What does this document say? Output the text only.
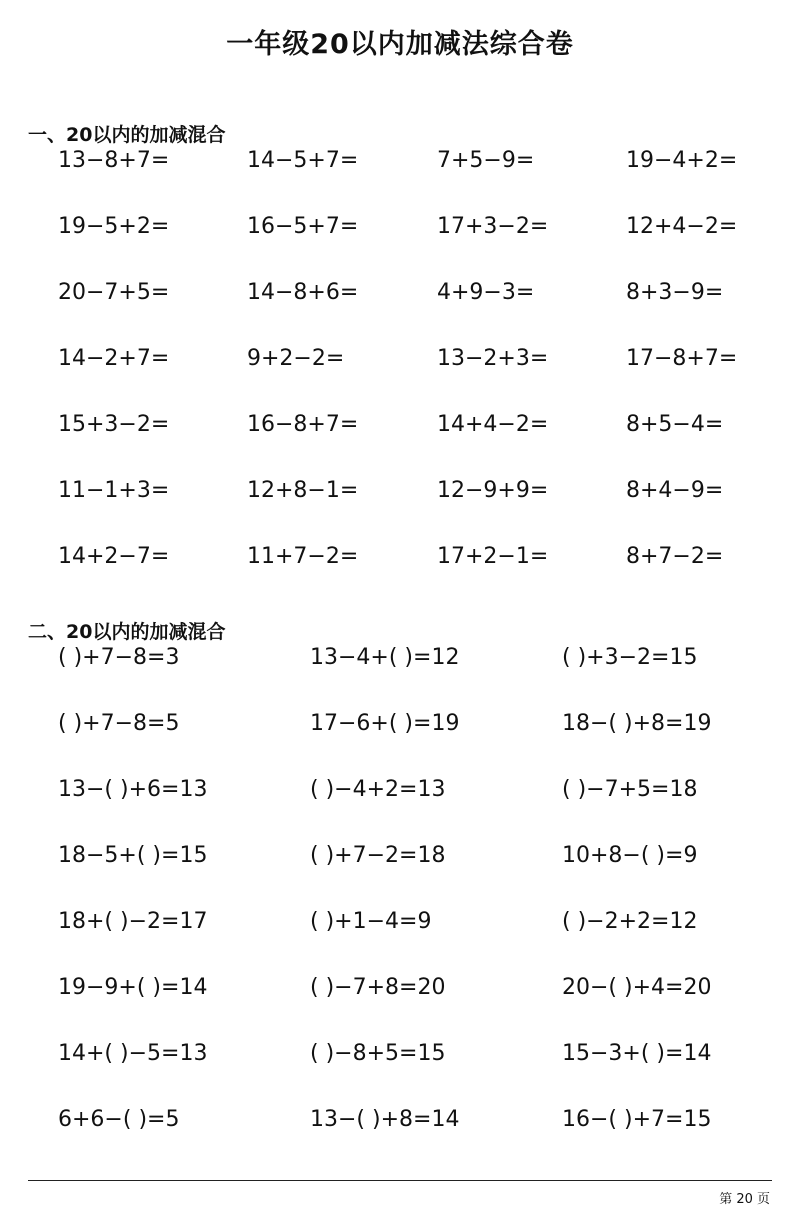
一年级20以内加减法综合卷
一、20以内的加减混合
13−8+7=	14−5+7=	7+5−9=	19−4+2=
19−5+2=	16−5+7=	17+3−2=	12+4−2=
20−7+5=	14−8+6=	4+9−3=	8+3−9=
14−2+7=	9+2−2=	13−2+3=	17−8+7=
15+3−2=	16−8+7=	14+4−2=	8+5−4=
11−1+3=	12+8−1=	12−9+9=	8+4−9=
14+2−7=	11+7−2=	17+2−1=	8+7−2=
二、20以内的加减混合
( )+7−8=3	13−4+( )=12	( )+3−2=15
( )+7−8=5	17−6+( )=19	18−( )+8=19
13−( )+6=13	( )−4+2=13	( )−7+5=18
18−5+( )=15	( )+7−2=18	10+8−( )=9
18+( )−2=17	( )+1−4=9	( )−2+2=12
19−9+( )=14	( )−7+8=20	20−( )+4=20
14+( )−5=13	( )−8+5=15	15−3+( )=14
6+6−( )=5	13−( )+8=14	16−( )+7=15
第 20 页
